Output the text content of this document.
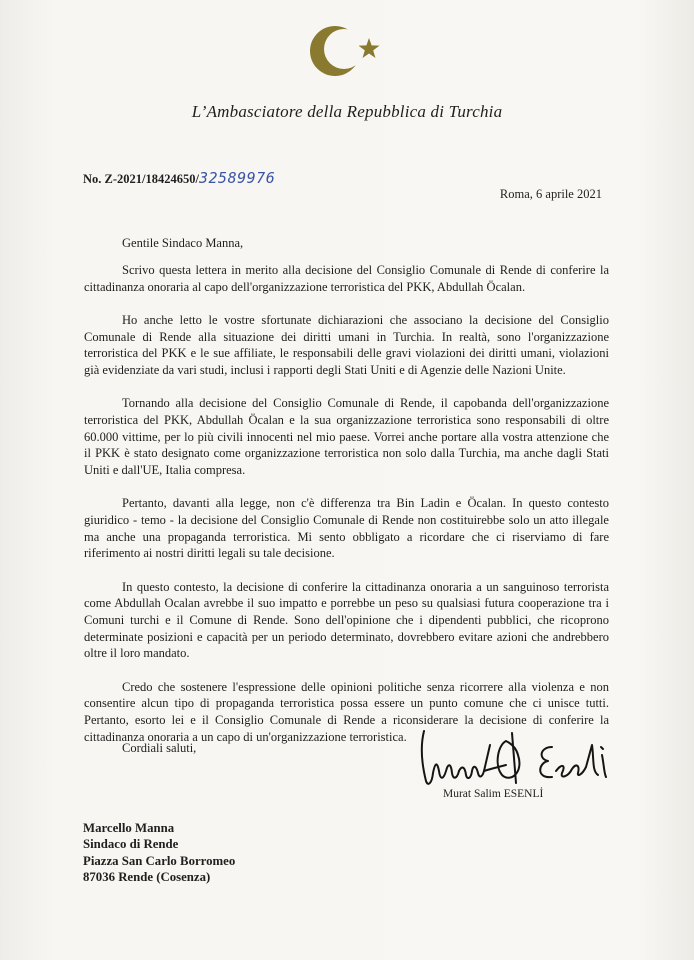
L’Ambasciatore della Repubblica di Turchia
No. Z-2021/18424650/32589976
Roma, 6 aprile 2021
Gentile Sindaco Manna,

Scrivo questa lettera in merito alla decisione del Consiglio Comunale di Rende di conferire la cittadinanza onoraria al capo dell'organizzazione terroristica del PKK, Abdullah Öcalan.

Ho anche letto le vostre sfortunate dichiarazioni che associano la decisione del Consiglio Comunale di Rende alla situazione dei diritti umani in Turchia. In realtà, sono l'organizzazione terroristica del PKK e le sue affiliate, le responsabili delle gravi violazioni dei diritti umani, violazioni già evidenziate da vari studi, inclusi i rapporti degli Stati Uniti e di Agenzie delle Nazioni Unite.

Tornando alla decisione del Consiglio Comunale di Rende, il capobanda dell'organizzazione terroristica del PKK, Abdullah Öcalan e la sua organizzazione terroristica sono responsabili di oltre 60.000 vittime, per lo più civili innocenti nel mio paese. Vorrei anche portare alla vostra attenzione che il PKK è stato designato come organizzazione terroristica non solo dalla Turchia, ma anche dagli Stati Uniti e dall'UE, Italia compresa.

Pertanto, davanti alla legge, non c'è differenza tra Bin Ladin e Öcalan. In questo contesto giuridico - temo - la decisione del Consiglio Comunale di Rende non costituirebbe solo un atto illegale ma anche una propaganda terroristica. Mi sento obbligato a ricordare che ci riserviamo di fare riferimento ai nostri diritti legali su tale decisione.

In questo contesto, la decisione di conferire la cittadinanza onoraria a un sanguinoso terrorista come Abdullah Ocalan avrebbe il suo impatto e porrebbe un peso su qualsiasi futura cooperazione tra i Comuni turchi e il Comune di Rende. Sono dell'opinione che i dipendenti pubblici, che ricoprono determinate posizioni e capacità per un periodo determinato, dovrebbero evitare azioni che andrebbero oltre il loro mandato.

Credo che sostenere l'espressione delle opinioni politiche senza ricorrere alla violenza e non consentire alcun tipo di propaganda terroristica possa essere un punto comune che ci unisce tutti. Pertanto, esorto lei e il Consiglio Comunale di Rende a riconsiderare la decisione di conferire la cittadinanza onoraria a un capo di un'organizzazione terroristica.

Cordiali saluti,
Murat Salim ESENLİ
Marcello Manna
Sindaco di Rende
Piazza San Carlo Borromeo
87036 Rende (Cosenza)
